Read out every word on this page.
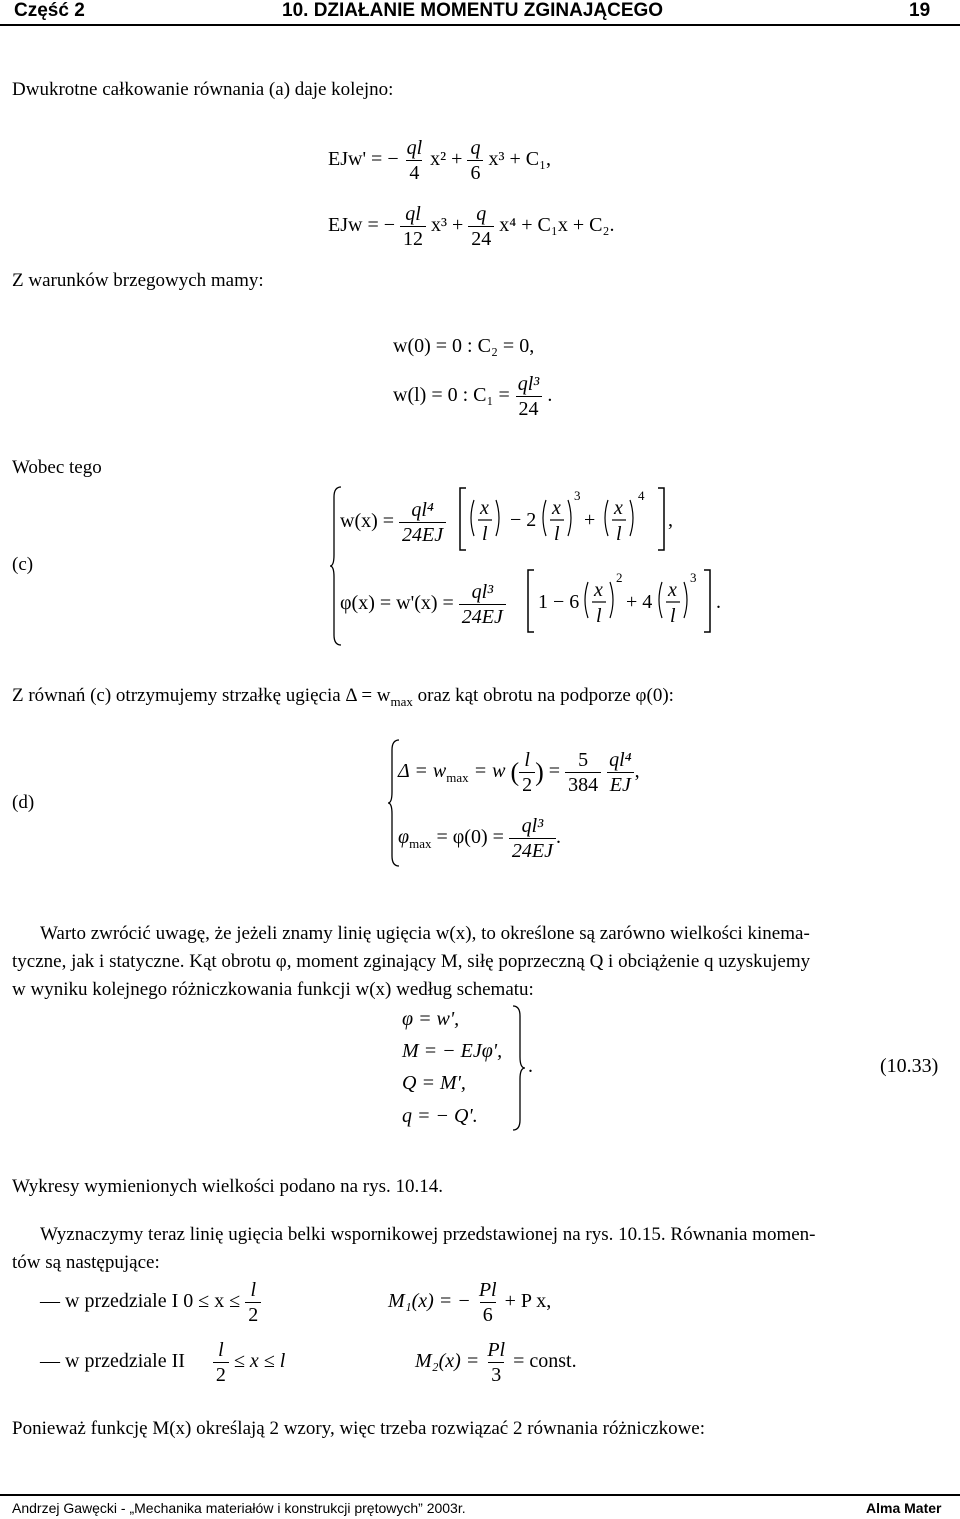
Część 2	10. DZIAŁANIE MOMENTU ZGINAJĄCEGO	19
Dwukrotne całkowanie równania (a) daje kolejno:
EJw' = − $\frac{ql}{4} x^2 + \frac{q}{6} x^3 + C_1$,
EJw = − $\frac{ql}{12} x^3 + \frac{q}{24} x^4 + C_1x + C_2$.
Z warunków brzegowych mamy:
w(0) = 0 : C₂ = 0,
w(l) = 0 : $C_1 = \frac{\text{ql³}}{24}$ .
Wobec tego
(c)
$w(x) = \frac{\text{ql⁴}}{24EJ}$ x
l
− 2
x
l
3
+
x
l
4
,
$\varphi(x) = w'(x) = \frac{\text{ql³}}{24EJ} 1 - 6$
x
l
2
+ 4
x
l
3
.
Z równań (c) otrzymujemy strzałkę ugięcia $\Delta = w_{max}$ oraz kąt obrotu na podporze φ(0):
(d)
$\Delta = w_{max} = w$ ( $\frac{l}{2}$ ) = $\frac{5}{384}$
$\frac{\text{ql⁴}}{EJ}$ ,
$\varphi_{max} = \varphi(0) = \frac{\text{ql³}}{24EJ}$ .
Warto zwrócić uwagę, że jeżeli znamy linię ugięcia w(x), to określone są zarówno wielkości kinema-
tyczne, jak i statyczne. Kąt obrotu φ, moment zginający M, siłę poprzeczną Q i obciążenie q uzyskujemy
w wyniku kolejnego różniczkowania funkcji w(x) według schematu:
φ = w',
M = − EJφ',
Q = M',
q = − Q'.
.	(10.33)
Wykresy wymienionych wielkości podano na rys. 10.14.
Wyznaczymy teraz linię ugięcia belki wspornikowej przedstawionej na rys. 10.15. Równania momen-
tów są następujące:
— w przedziale I $0 \le x \le \frac{l}{2}$	M₁(x) = − $\frac{Pl}{6} + P$ x,
— w przedziale II $\frac{l}{2} \le x \le l$	$M_2(x) = \frac{Pl}{3}$ = const.
Ponieważ funkcję M(x) określają 2 wzory, więc trzeba rozwiązać 2 równania różniczkowe:
Andrzej Gawęcki - „Mechanika materiałów i konstrukcji prętowych” 2003r.	Alma Mater
